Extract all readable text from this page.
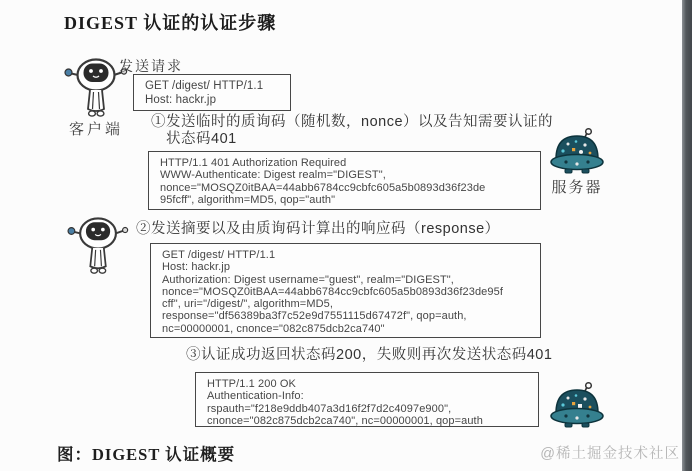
DIGEST 认证的认证步骤
客户端
发送请求
GET /digest/ HTTP/1.1
Host: hackr.jp
①发送临时的质询码（随机数，nonce）以及告知需要认证的
状态码401
HTTP/1.1 401 Authorization Required
WWW-Authenticate: Digest realm="DIGEST",
nonce="MOSQZ0itBAA=44abb6784cc9cbfc605a5b0893d36f23de
95fcff", algorithm=MD5, qop="auth"
服务器
②发送摘要以及由质询码计算出的响应码（response）
GET /digest/ HTTP/1.1
Host: hackr.jp
Authorization: Digest username="guest", realm="DIGEST",
nonce="MOSQZ0itBAA=44abb6784cc9cbfc605a5b0893d36f23de95f
cff", uri="/digest/", algorithm=MD5,
response="df56389ba3f7c52e9d7551115d67472f", qop=auth,
nc=00000001, cnonce="082c875dcb2ca740"
③认证成功返回状态码200，失败则再次发送状态码401
HTTP/1.1 200 OK
Authentication-Info:
rspauth="f218e9ddb407a3d16f2f7d2c4097e900",
cnonce="082c875dcb2ca740", nc=00000001, qop=auth
图：DIGEST 认证概要	@稀土掘金技术社区
